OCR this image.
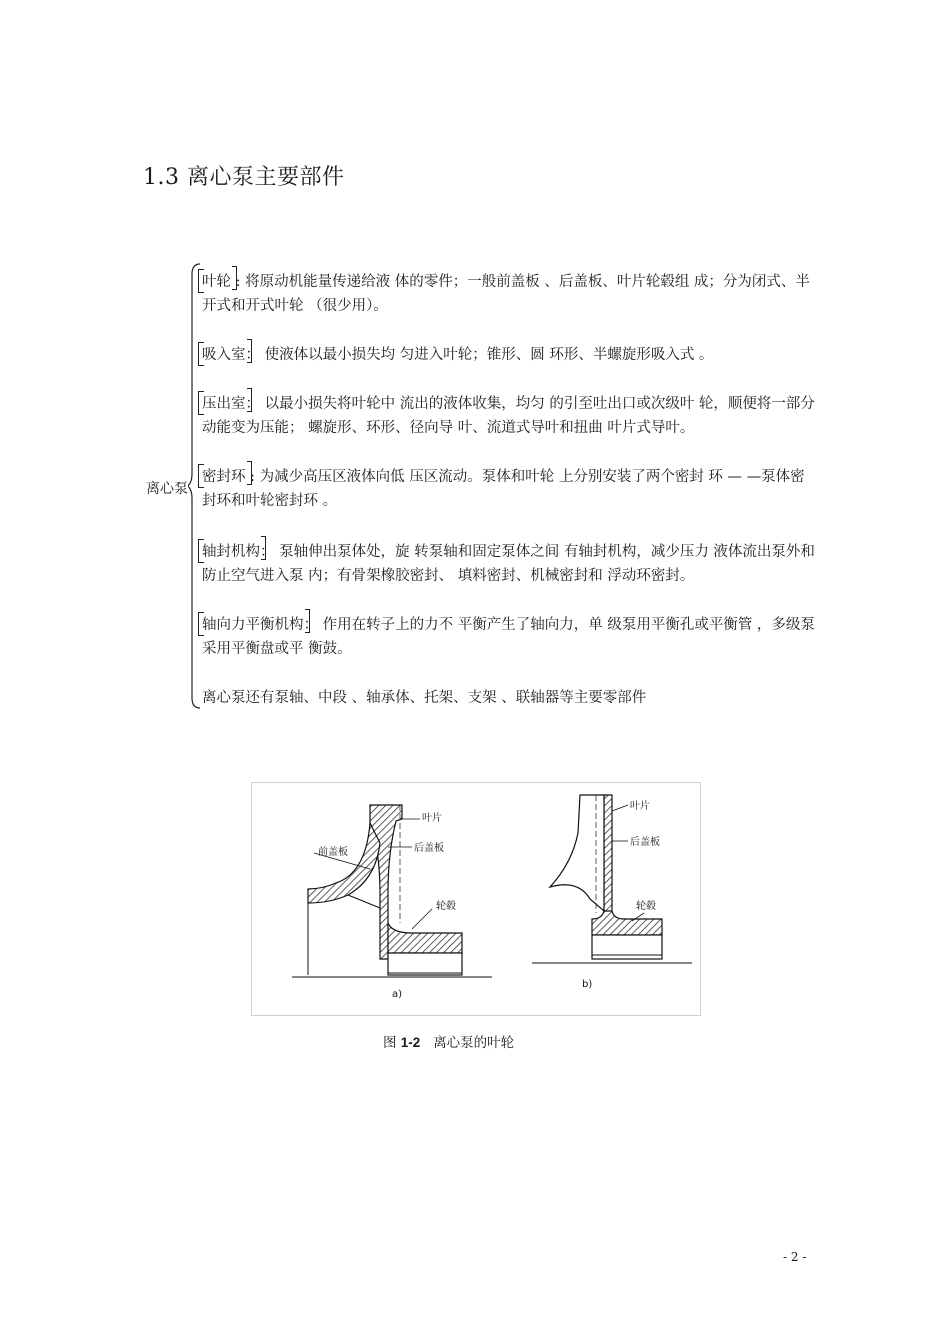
1.3 离心泵主要部件
离心泵
叶轮
: 将原动机能量传递给液 体的零件；一般前盖板 、后盖板、叶片轮毂组 成；分为闭式、半开式和开式叶轮 （很少用）。
吸入室
： 使液体以最小损失均 匀进入叶轮；锥形、圆 环形、半螺旋形吸入式 。
压出室
： 以最小损失将叶轮中 流出的液体收集，均匀 的引至吐出口或次级叶 轮，顺便将一部分动能变为压能； 螺旋形、环形、径向导 叶、流道式导叶和扭曲 叶片式导叶。
密封环
: 为减少高压区液体向低 压区流动。泵体和叶轮 上分别安装了两个密封 环 — —泵体密封环和叶轮密封环 。
轴封机构
： 泵轴伸出泵体处，旋 转泵轴和固定泵体之间 有轴封机构，减少压力 液体流出泵外和防止空气进入泵 内；有骨架橡胶密封、 填料密封、机械密封和 浮动环密封。
轴向力平衡机构
： 作用在转子上的力不 平衡产生了轴向力，单 级泵用平衡孔或平衡管 ，多级泵采用平衡盘或平 衡鼓。
离心泵还有泵轴、中段 、轴承体、托架、支架 、联轴器等主要零部件
叶片
前盖板	后盖板
轮毂
a)
叶片
后盖板
轮毂
b)
图 1-2 离心泵的叶轮
- 2 -
